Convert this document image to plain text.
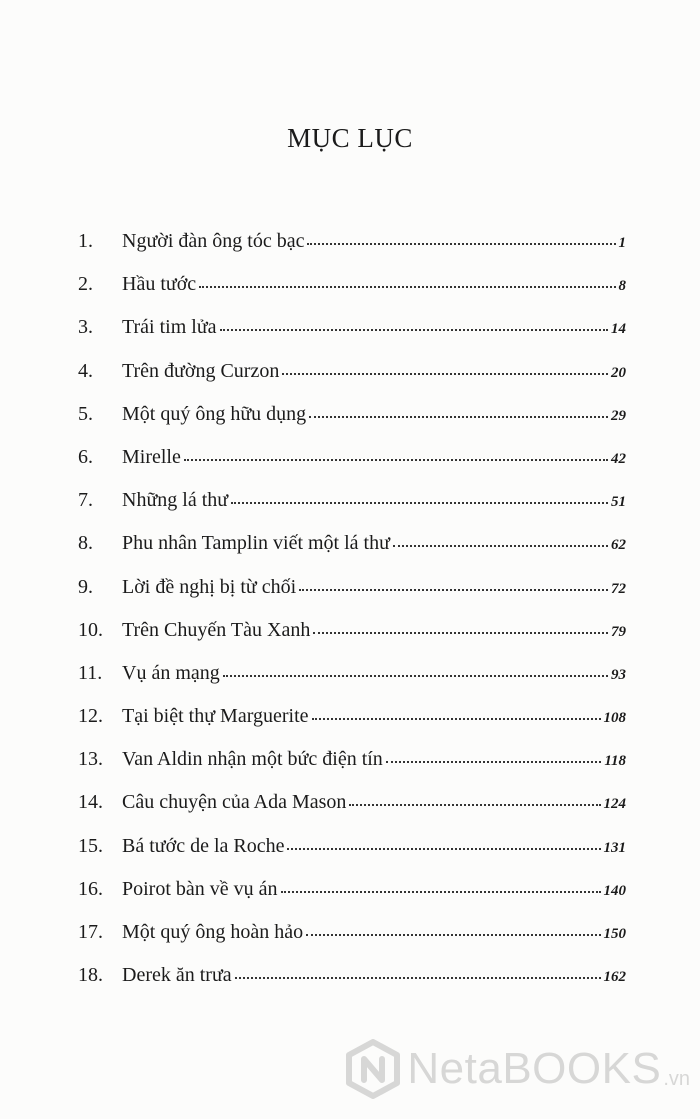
MỤC LỤC
1.	Người đàn ông tóc bạc	1
2.	Hầu tước	8
3.	Trái tim lửa	14
4.	Trên đường Curzon	20
5.	Một quý ông hữu dụng	29
6.	Mirelle	42
7.	Những lá thư	51
8.	Phu nhân Tamplin viết một lá thư	62
9.	Lời đề nghị bị từ chối	72
10. Trên Chuyến Tàu Xanh	79
11. Vụ án mạng	93
12. Tại biệt thự Marguerite	108
13. Van Aldin nhận một bức điện tín	118
14. Câu chuyện của Ada Mason	124
15. Bá tước de la Roche	131
16. Poirot bàn về vụ án	140
17. Một quý ông hoàn hảo	150
18. Derek ăn trưa	162
NetaBOOKS .vn
